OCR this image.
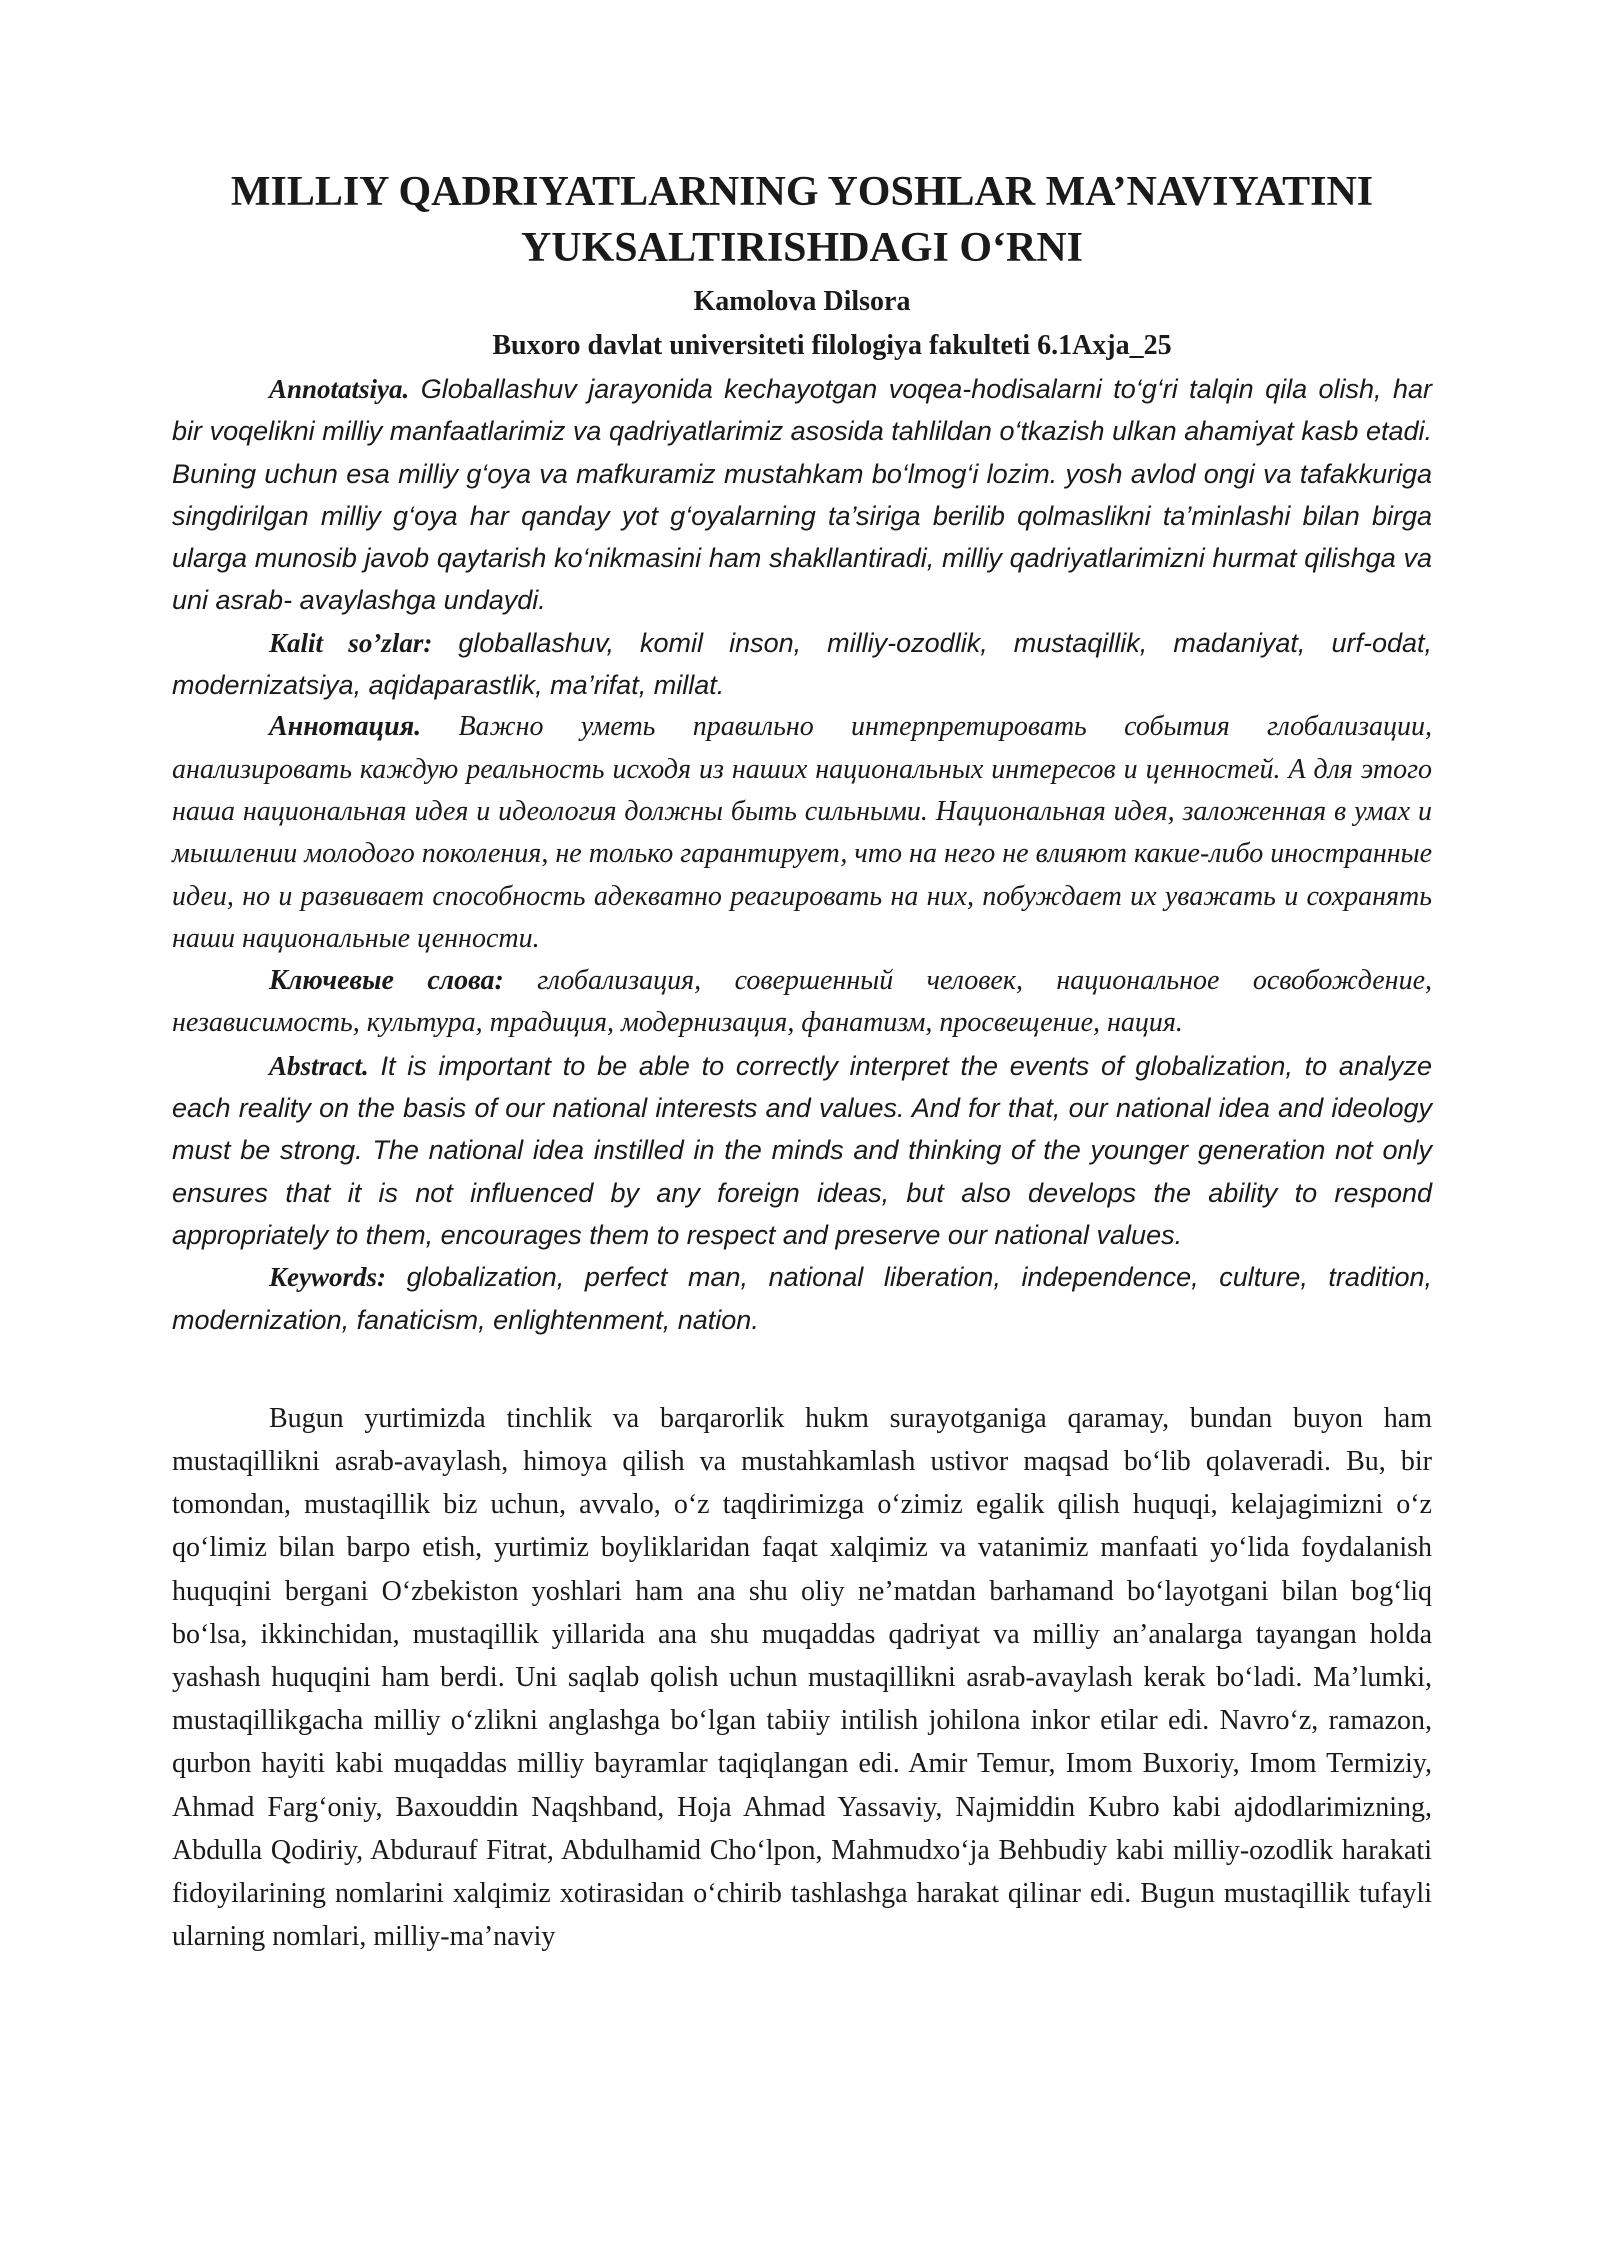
MILLIY QADRIYATLARNING YOSHLAR MA’NAVIYATINI
YUKSALTIRISHDAGI O‘RNI

Kamolova Dilsora

Buxoro davlat universiteti filologiya fakulteti 6.1Axja_25

Annotatsiya. Globallashuv jarayonida kechayotgan voqea-hodisalarni to‘g‘ri talqin qila olish, har bir voqelikni milliy manfaatlarimiz va qadriyatlarimiz asosida tahlildan o‘tkazish ulkan ahamiyat kasb etadi. Buning uchun esa milliy g‘oya va mafkuramiz mustahkam bo‘lmog‘i lozim. yosh avlod ongi va tafakkuriga singdirilgan milliy g‘oya har qanday yot g‘oyalarning ta’siriga berilib qolmaslikni ta’minlashi bilan birga ularga munosib javob qaytarish ko‘nikmasini ham shakllantiradi, milliy qadriyatlarimizni hurmat qilishga va uni asrab- avaylashga undaydi.

Kalit so’zlar: globallashuv, komil inson, milliy-ozodlik, mustaqillik, madaniyat, urf-odat, modernizatsiya, aqidaparastlik, ma’rifat, millat.

Аннотация. Важно уметь правильно интерпретировать события глобализации, анализировать каждую реальность исходя из наших национальных интересов и ценностей. А для этого наша национальная идея и идеология должны быть сильными. Национальная идея, заложенная в умах и мышлении молодого поколения, не только гарантирует, что на него не влияют какие-либо иностранные идеи, но и развивает способность адекватно реагировать на них, побуждает их уважать и сохранять наши национальные ценности.

Ключевые слова: глобализация, совершенный человек, национальное освобождение, независимость, культура, традиция, модернизация, фанатизм, просвещение, нация.

Abstract. It is important to be able to correctly interpret the events of globalization, to analyze each reality on the basis of our national interests and values. And for that, our national idea and ideology must be strong. The national idea instilled in the minds and thinking of the younger generation not only ensures that it is not influenced by any foreign ideas, but also develops the ability to respond appropriately to them, encourages them to respect and preserve our national values.

Keywords: globalization, perfect man, national liberation, independence, culture, tradition, modernization, fanaticism, enlightenment, nation.

Bugun yurtimizda tinchlik va barqarorlik hukm surayotganiga qaramay, bundan buyon ham mustaqillikni asrab-avaylash, himoya qilish va mustahkamlash ustivor maqsad bo‘lib qolaveradi. Bu, bir tomondan, mustaqillik biz uchun, avvalo, o‘z taqdirimizga o‘zimiz egalik qilish huquqi, kelajagimizni o‘z qo‘limiz bilan barpo etish, yurtimiz boyliklaridan faqat xalqimiz va vatanimiz manfaati yo‘lida foydalanish huquqini bergani O‘zbekiston yoshlari ham ana shu oliy ne’matdan barhamand bo‘layotgani bilan bog‘liq bo‘lsa, ikkinchidan, mustaqillik yillarida ana shu muqaddas qadriyat va milliy an’analarga tayangan holda yashash huquqini ham berdi. Uni saqlab qolish uchun mustaqillikni asrab-avaylash kerak bo‘ladi. Ma’lumki, mustaqillikgacha milliy o‘zlikni anglashga bo‘lgan tabiiy intilish johilona inkor etilar edi. Navro‘z, ramazon, qurbon hayiti kabi muqaddas milliy bayramlar taqiqlangan edi. Amir Temur, Imom Buxoriy, Imom Termiziy, Ahmad Farg‘oniy, Baxouddin Naqshband, Hoja Ahmad Yassaviy, Najmiddin Kubro kabi ajdodlarimizning, Abdulla Qodiriy, Abdurauf Fitrat, Abdulhamid Cho‘lpon, Mahmudxo‘ja Behbudiy kabi milliy-ozodlik harakati fidoyilarining nomlarini xalqimiz xotirasidan o‘chirib tashlashga harakat qilinar edi. Bugun mustaqillik tufayli ularning nomlari, milliy-ma’naviy
